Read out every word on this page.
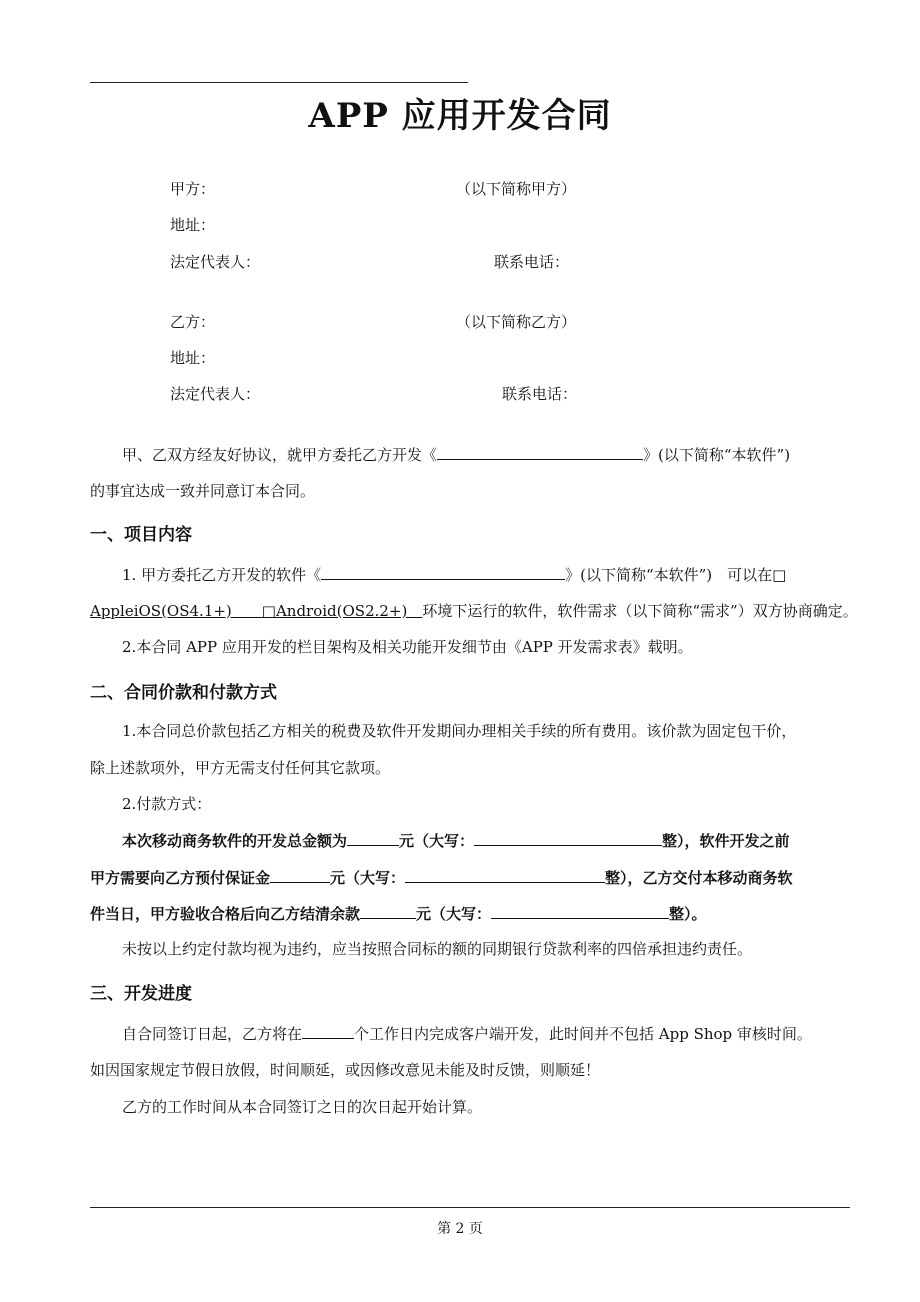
APP 应用开发合同
甲方：	（以下简称甲方）
地址：
法定代表人：	联系电话：
乙方：	（以下简称乙方）
地址：
法定代表人：	联系电话：
甲、乙双方经友好协议，就甲方委托乙方开发《	》(以下简称“本软件”)
的事宜达成一致并同意订本合同。
一、项目内容
1. 甲方委托乙方开发的软件《	》(以下简称“本软件”)　可以在□
AppleiOS(OS4.1+)　　□Android(OS2.2+)　环境下运行的软件，软件需求（以下简称“需求”）双方协商确定。
2.本合同 APP 应用开发的栏目架构及相关功能开发细节由《APP 开发需求表》载明。
二、合同价款和付款方式
1.本合同总价款包括乙方相关的税费及软件开发期间办理相关手续的所有费用。该价款为固定包干价，
除上述款项外，甲方无需支付任何其它款项。
2.付款方式：
本次移动商务软件的开发总金额为	元（大写：	整），软件开发之前
甲方需要向乙方预付保证金	元（大写：	整），乙方交付本移动商务软
件当日，甲方验收合格后向乙方结清余款	元（大写：	整）。
未按以上约定付款均视为违约，应当按照合同标的额的同期银行贷款利率的四倍承担违约责任。
三、开发进度
自合同签订日起，乙方将在	个工作日内完成客户端开发，此时间并不包括 App Shop 审核时间。
如因国家规定节假日放假，时间顺延，或因修改意见未能及时反馈，则顺延！
乙方的工作时间从本合同签订之日的次日起开始计算。
第 2 页
